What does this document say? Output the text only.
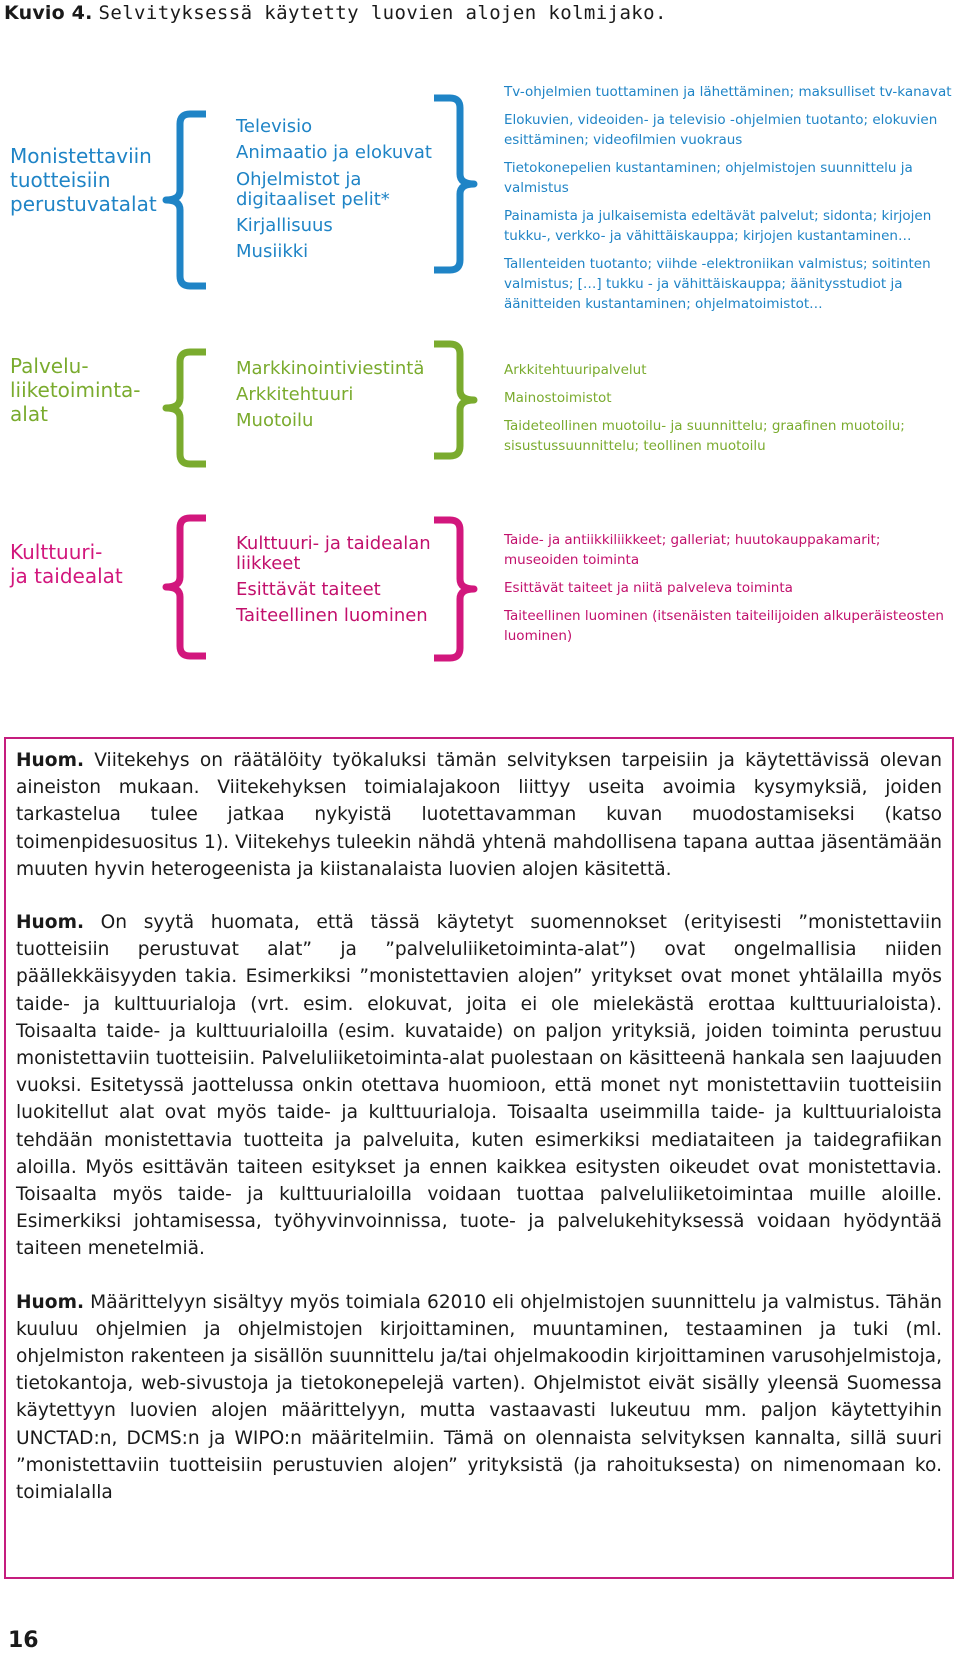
Kuvio 4. Selvityksessä käytetty luovien alojen kolmijako.
Monistettaviin
tuotteisiin
perustuvatalat
Televisio
Animaatio ja elokuvat
Ohjelmistot ja
digitaaliset pelit*
Kirjallisuus
Musiikki
Tv-ohjelmien tuottaminen ja lähettäminen; maksulliset tv-kanavat
Elokuvien, videoiden- ja televisio -ohjelmien tuotanto; elokuvien esittäminen; videofilmien vuokraus
Tietokonepelien kustantaminen; ohjelmistojen suunnittelu ja valmistus
Painamista ja julkaisemista edeltävät palvelut; sidonta; kirjojen tukku-, verkko- ja vähittäiskauppa; kirjojen kustantaminen…
Tallenteiden tuotanto; viihde -elektroniikan valmistus; soitinten valmistus; […] tukku - ja vähittäiskauppa; äänitysstudiot ja äänitteiden kustantaminen; ohjelmatoimistot…
Palvelu-
liiketoiminta-
alat
Markkinointiviestintä
Arkkitehtuuri
Muotoilu
Arkkitehtuuripalvelut
Mainostoimistot
Taideteollinen muotoilu- ja suunnittelu; graafinen muotoilu; sisustussuunnittelu; teollinen muotoilu
Kulttuuri-
ja taidealat
Kulttuuri- ja taidealan
liikkeet
Esittävät taiteet
Taiteellinen luominen
Taide- ja antiikkiliikkeet; galleriat; huutokauppakamarit; museoiden toiminta
Esittävät taiteet ja niitä palveleva toiminta
Taiteellinen luominen (itsenäisten taiteilijoiden alkuperäisteosten luominen)

Huom. Viitekehys on räätälöity työkaluksi tämän selvityksen tarpeisiin ja käytettävissä olevan aineiston mukaan. Viitekehyksen toimialajakoon liittyy useita avoimia kysymyksiä, joiden tarkastelua tulee jatkaa nykyistä luotettavamman kuvan muodostamiseksi (katso toimenpidesuositus 1). Viitekehys tuleekin nähdä yhtenä mahdollisena tapana auttaa jäsentämään muuten hyvin heterogeenista ja kiistanalaista luovien alojen käsitettä.

Huom. On syytä huomata, että tässä käytetyt suomennokset (erityisesti ”monistettaviin tuotteisiin perustuvat alat” ja ”palveluliiketoiminta-alat”) ovat ongelmallisia niiden päällekkäisyyden takia. Esimerkiksi ”monistettavien alojen” yritykset ovat monet yhtälailla myös taide- ja kulttuurialoja (vrt. esim. elokuvat, joita ei ole mielekästä erottaa kulttuurialoista). Toisaalta taide- ja kulttuurialoilla (esim. kuvataide) on paljon yrityksiä, joiden toiminta perustuu monistettaviin tuotteisiin. Palveluliiketoiminta-alat puolestaan on käsitteenä hankala sen laajuuden vuoksi. Esitetyssä jaottelussa onkin otettava huomioon, että monet nyt monistettaviin tuotteisiin luokitellut alat ovat myös taide- ja kulttuurialoja. Toisaalta useimmilla taide- ja kulttuurialoista tehdään monistettavia tuotteita ja palveluita, kuten esimerkiksi mediataiteen ja taidegrafiikan aloilla. Myös esittävän taiteen esitykset ja ennen kaikkea esitysten oikeudet ovat monistettavia. Toisaalta myös taide- ja kulttuurialoilla voidaan tuottaa palveluliiketoimintaa muille aloille. Esimerkiksi johtamisessa, työhyvinvoinnissa, tuote- ja palvelukehityksessä voidaan hyödyntää taiteen menetelmiä.

Huom. Määrittelyyn sisältyy myös toimiala 62010 eli ohjelmistojen suunnittelu ja valmistus. Tähän kuuluu ohjelmien ja ohjelmistojen kirjoittaminen, muuntaminen, testaaminen ja tuki (ml. ohjelmiston rakenteen ja sisällön suunnittelu ja/tai ohjelmakoodin kirjoittaminen varusohjelmistoja, tietokantoja, web-sivustoja ja tietokonepelejä varten). Ohjelmistot eivät sisälly yleensä Suomessa käytettyyn luovien alojen määrittelyyn, mutta vastaavasti lukeutuu mm. paljon käytettyihin UNCTAD:n, DCMS:n ja WIPO:n määritelmiin. Tämä on olennaista selvityksen kannalta, sillä suuri ”monistettaviin tuotteisiin perustuvien alojen” yrityksistä (ja rahoituksesta) on nimenomaan ko. toimialalla

16
